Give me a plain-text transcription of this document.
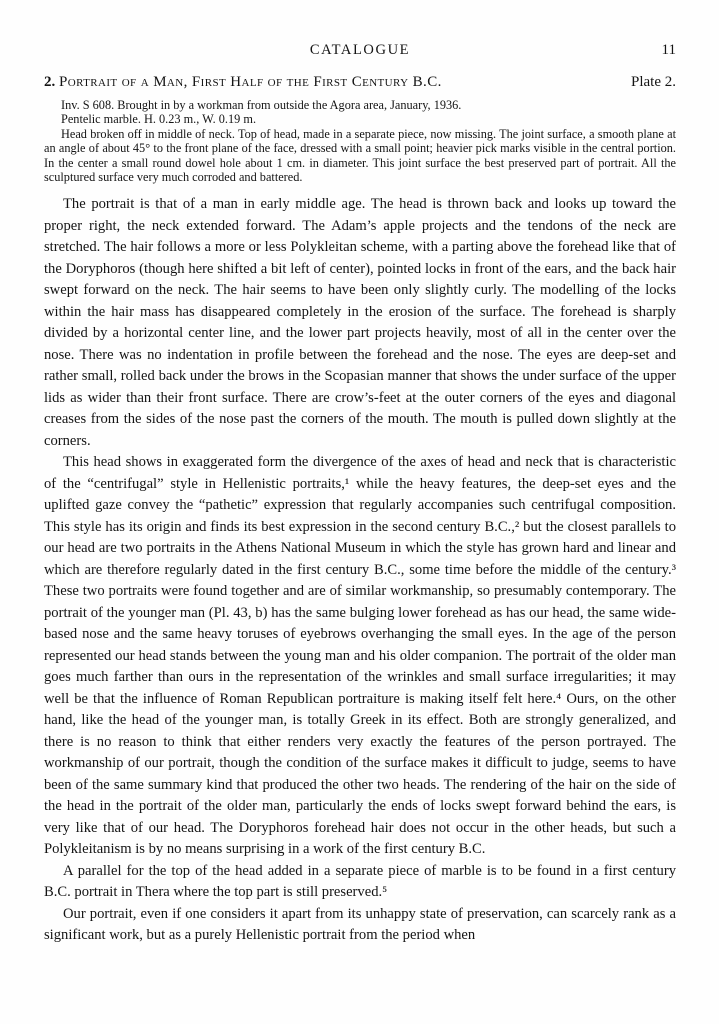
CATALOGUE	11
2. Portrait of a Man, First Half of the First Century B.C.	Plate 2.
Inv. S 608. Brought in by a workman from outside the Agora area, January, 1936.
Pentelic marble. H. 0.23 m., W. 0.19 m.

Head broken off in middle of neck. Top of head, made in a separate piece, now missing. The joint surface, a smooth plane at an angle of about 45° to the front plane of the face, dressed with a small point; heavier pick marks visible in the central portion. In the center a small round dowel hole about 1 cm. in diameter. This joint surface the best preserved part of portrait. All the sculptured surface very much corroded and battered.

The portrait is that of a man in early middle age. The head is thrown back and looks up toward the proper right, the neck extended forward. The Adam’s apple projects and the tendons of the neck are stretched. The hair follows a more or less Polykleitan scheme, with a parting above the forehead like that of the Doryphoros (though here shifted a bit left of center), pointed locks in front of the ears, and the back hair swept forward on the neck. The hair seems to have been only slightly curly. The modelling of the locks within the hair mass has disappeared completely in the erosion of the surface. The forehead is sharply divided by a horizontal center line, and the lower part projects heavily, most of all in the center over the nose. There was no indentation in profile between the forehead and the nose. The eyes are deep-set and rather small, rolled back under the brows in the Scopasian manner that shows the under surface of the upper lids as wider than their front surface. There are crow’s-feet at the outer corners of the eyes and diagonal creases from the sides of the nose past the corners of the mouth. The mouth is pulled down slightly at the corners.

This head shows in exaggerated form the divergence of the axes of head and neck that is characteristic of the “centrifugal” style in Hellenistic portraits,¹ while the heavy features, the deep-set eyes and the uplifted gaze convey the “pathetic” expression that regularly accompanies such centrifugal composition. This style has its origin and finds its best expression in the second century B.C.,² but the closest parallels to our head are two portraits in the Athens National Museum in which the style has grown hard and linear and which are therefore regularly dated in the first century B.C., some time before the middle of the century.³ These two portraits were found together and are of similar workmanship, so presumably contemporary. The portrait of the younger man (Pl. 43, b) has the same bulging lower forehead as has our head, the same wide-based nose and the same heavy toruses of eyebrows overhanging the small eyes. In the age of the person represented our head stands between the young man and his older companion. The portrait of the older man goes much farther than ours in the representation of the wrinkles and small surface irregularities; it may well be that the influence of Roman Republican portraiture is making itself felt here.⁴ Ours, on the other hand, like the head of the younger man, is totally Greek in its effect. Both are strongly generalized, and there is no reason to think that either renders very exactly the features of the person portrayed. The workmanship of our portrait, though the condition of the surface makes it difficult to judge, seems to have been of the same summary kind that produced the other two heads. The rendering of the hair on the side of the head in the portrait of the older man, particularly the ends of locks swept forward behind the ears, is very like that of our head. The Doryphoros forehead hair does not occur in the other heads, but such a Polykleitanism is by no means surprising in a work of the first century B.C.

A parallel for the top of the head added in a separate piece of marble is to be found in a first century B.C. portrait in Thera where the top part is still preserved.⁵

Our portrait, even if one considers it apart from its unhappy state of preservation, can scarcely rank as a significant work, but as a purely Hellenistic portrait from the period when
